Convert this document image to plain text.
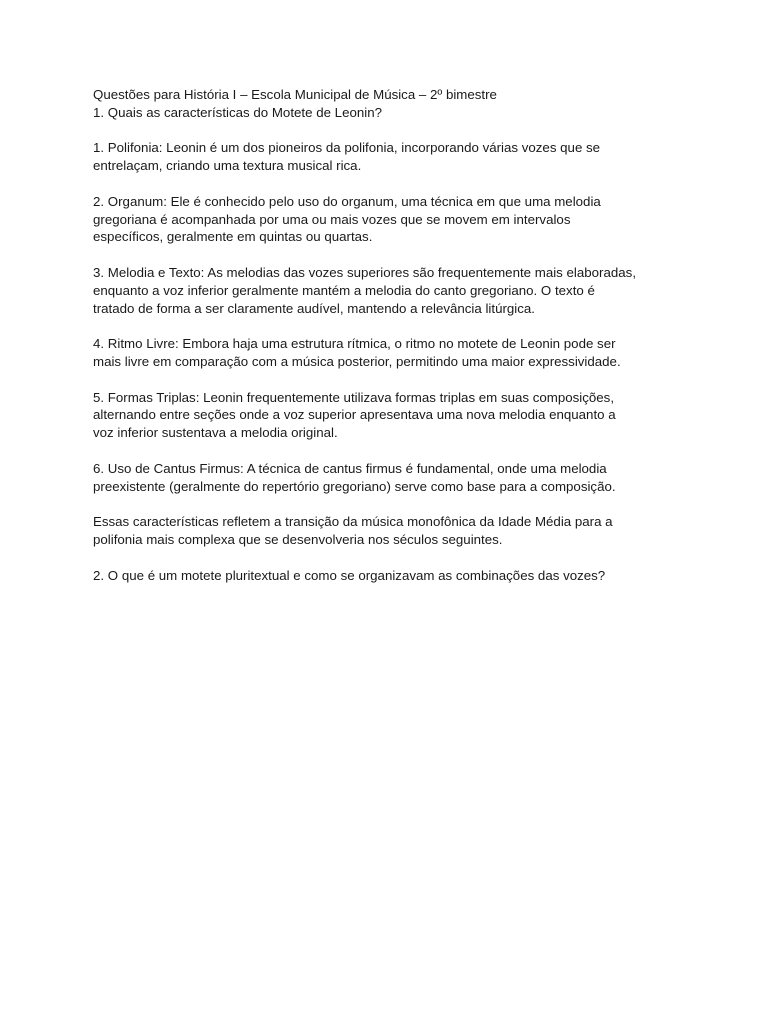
Questões para História I – Escola Municipal de Música – 2º bimestre
1. Quais as características do Motete de Leonin?
1. Polifonia: Leonin é um dos pioneiros da polifonia, incorporando várias vozes que se
entrelaçam, criando uma textura musical rica.
2. Organum: Ele é conhecido pelo uso do organum, uma técnica em que uma melodia
gregoriana é acompanhada por uma ou mais vozes que se movem em intervalos
específicos, geralmente em quintas ou quartas.
3. Melodia e Texto: As melodias das vozes superiores são frequentemente mais elaboradas,
enquanto a voz inferior geralmente mantém a melodia do canto gregoriano. O texto é
tratado de forma a ser claramente audível, mantendo a relevância litúrgica.
4. Ritmo Livre: Embora haja uma estrutura rítmica, o ritmo no motete de Leonin pode ser
mais livre em comparação com a música posterior, permitindo uma maior expressividade.
5. Formas Triplas: Leonin frequentemente utilizava formas triplas em suas composições,
alternando entre seções onde a voz superior apresentava uma nova melodia enquanto a
voz inferior sustentava a melodia original.
6. Uso de Cantus Firmus: A técnica de cantus firmus é fundamental, onde uma melodia
preexistente (geralmente do repertório gregoriano) serve como base para a composição.
Essas características refletem a transição da música monofônica da Idade Média para a
polifonia mais complexa que se desenvolveria nos séculos seguintes.
2. O que é um motete pluritextual e como se organizavam as combinações das vozes?
